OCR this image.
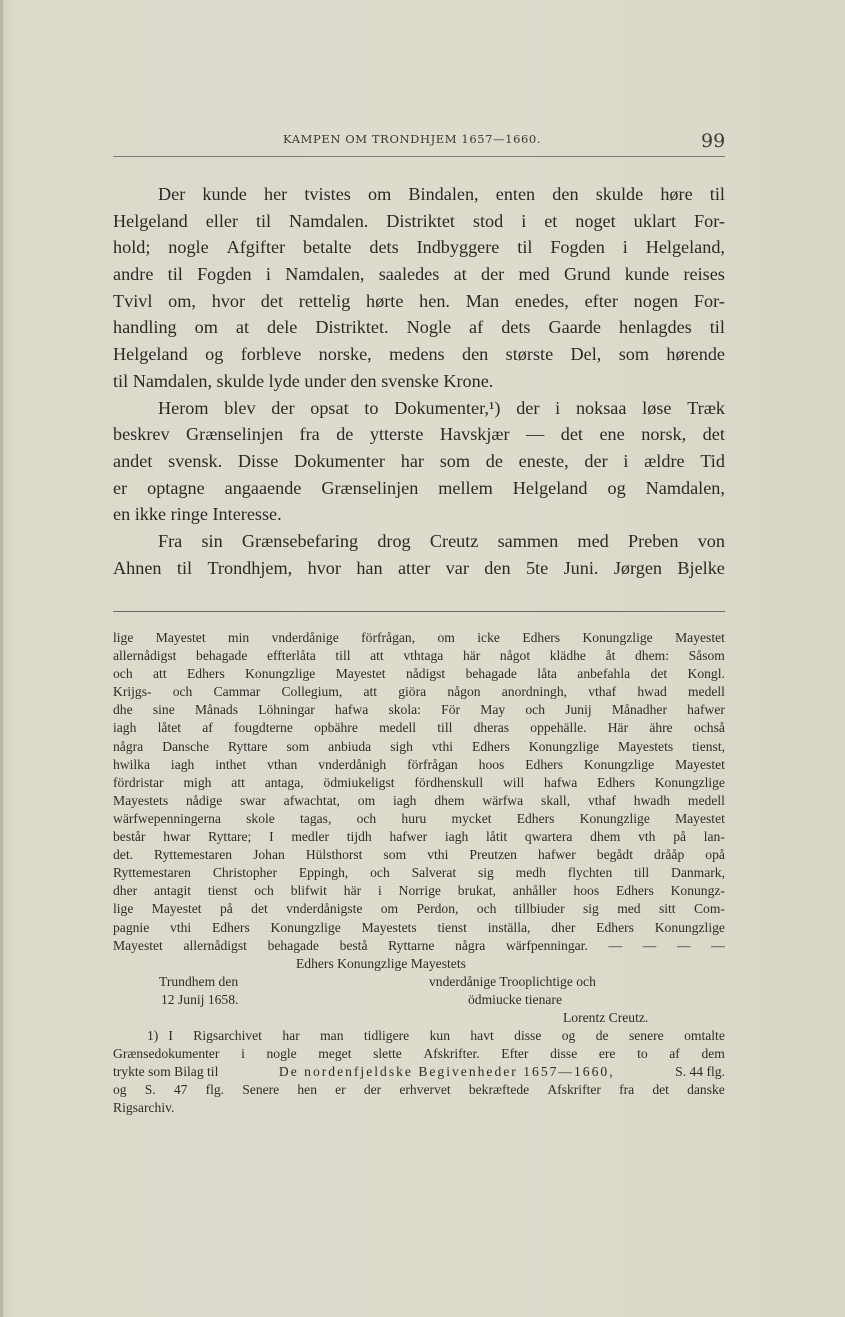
KAMPEN OM TRONDHJEM 1657—1660.	99
Der kunde her tvistes om Bindalen, enten den skulde høre til
Helgeland eller til Namdalen. Distriktet stod i et noget uklart For-
hold; nogle Afgifter betalte dets Indbyggere til Fogden i Helgeland,
andre til Fogden i Namdalen, saaledes at der med Grund kunde reises
Tvivl om, hvor det rettelig hørte hen. Man enedes, efter nogen For-
handling om at dele Distriktet. Nogle af dets Gaarde henlagdes til
Helgeland og forbleve norske, medens den største Del, som hørende
til Namdalen, skulde lyde under den svenske Krone.
Herom blev der opsat to Dokumenter,¹) der i noksaa løse Træk
beskrev Grænselinjen fra de ytterste Havskjær — det ene norsk, det
andet svensk. Disse Dokumenter har som de eneste, der i ældre Tid
er optagne angaaende Grænselinjen mellem Helgeland og Namdalen,
en ikke ringe Interesse.
Fra sin Grænsebefaring drog Creutz sammen med Preben von
Ahnen til Trondhjem, hvor han atter var den 5te Juni. Jørgen Bjelke
lige Mayestet min vnderdånige förfrågan, om icke Edhers Konungzlige Mayestet
allernådigst behagade effterlåta till att vthtaga här något klädhe åt dhem: Såsom
och att Edhers Konungzlige Mayestet nådigst behagade låta anbefahla det Kongl.
Krijgs- och Cammar Collegium, att giöra någon anordningh, vthaf hwad medell
dhe sine Månads Löhningar hafwa skola: För May och Junij Månadher hafwer
iagh låtet af fougdterne opbähre medell till dheras oppehälle. Här ähre ochså
några Dansche Ryttare som anbiuda sigh vthi Edhers Konungzlige Mayestets tienst,
hwilka iagh inthet vthan vnderdånigh förfrågan hoos Edhers Konungzlige Mayestet
fördristar migh att antaga, ödmiukeligst fördhenskull will hafwa Edhers Konungzlige
Mayestets nådige swar afwachtat, om iagh dhem wärfwa skall, vthaf hwadh medell
wärfwepenningerna skole tagas, och huru mycket Edhers Konungzlige Mayestet
består hwar Ryttare; I medler tijdh hafwer iagh låtit qwartera dhem vth på lan-
det. Ryttemestaren Johan Hülsthorst som vthi Preutzen hafwer begådt drååp opå
Ryttemestaren Christopher Eppingh, och Salverat sig medh flychten till Danmark,
dher antagit tienst och blifwit här i Norrige brukat, anhåller hoos Edhers Konungz-
lige Mayestet på det vnderdånigste om Perdon, och tillbiuder sig med sitt Com-
pagnie vthi Edhers Konungzlige Mayestets tienst inställa, dher Edhers Konungzlige
Mayestet allernådigst behagade bestå Ryttarne några wärfpenningar. — — — —
Edhers Konungzlige Mayestets
Trundhem den	vnderdånige Trooplichtige och
12 Junij 1658.	ödmiucke tienare
Lorentz Creutz.
1) I Rigsarchivet har man tidligere kun havt disse og de senere omtalte
Grænsedokumenter i nogle meget slette Afskrifter. Efter disse ere to af dem
trykte som Bilag til	De nordenfjeldske Begivenheder 1657—1660,	S. 44 flg.
og S. 47 flg. Senere hen er der erhvervet bekræftede Afskrifter fra det danske
Rigsarchiv.
